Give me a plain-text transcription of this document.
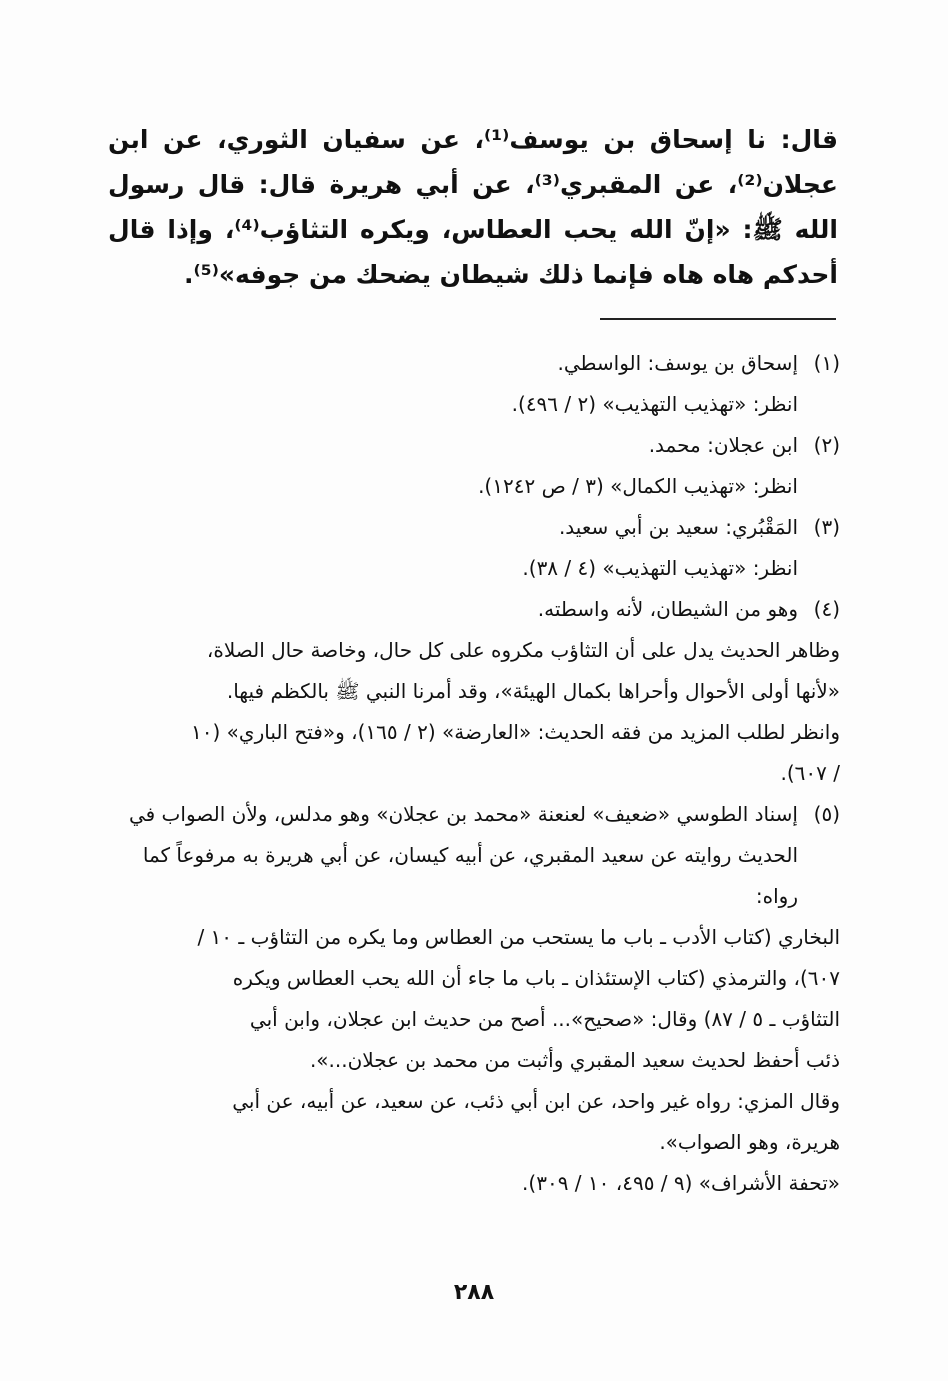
قال: نا إسحاق بن يوسف⁽¹⁾، عن سفيان الثوري، عن ابن عجلان⁽²⁾، عن المقبري⁽³⁾، عن أبي هريرة قال: قال رسول الله ﷺ: «إنّ الله يحب العطاس، ويكره التثاؤب⁽⁴⁾، وإذا قال أحدكم هاه هاه فإنما ذلك شيطان يضحك من جوفه»⁽⁵⁾.

(١)
إسحاق بن يوسف: الواسطي.

انظر: «تهذيب التهذيب» (٢ / ٤٩٦).

(٢)
ابن عجلان: محمد.

انظر: «تهذيب الكمال» (٣ / ص ١٢٤٢).

(٣)
المَقْبُري: سعيد بن أبي سعيد.

انظر: «تهذيب التهذيب» (٤ / ٣٨).

(٤)
وهو من الشيطان، لأنه واسطته.

وظاهر الحديث يدل على أن التثاؤب مكروه على كل حال، وخاصة حال الصلاة،

«لأنها أولى الأحوال وأحراها بكمال الهيئة»، وقد أمرنا النبي ﷺ بالكظم فيها.

وانظر لطلب المزيد من فقه الحديث: «العارضة» (٢ / ١٦٥)، و«فتح الباري» (١٠

/ ٦٠٧).

(٥)
إسناد الطوسي «ضعيف» لعنعنة «محمد بن عجلان» وهو مدلس، ولأن الصواب في

الحديث روايته عن سعيد المقبري، عن أبيه كيسان، عن أبي هريرة به مرفوعاً كما

رواه:

البخاري (كتاب الأدب ـ باب ما يستحب من العطاس وما يكره من التثاؤب ـ ١٠ /

٦٠٧)، والترمذي (كتاب الإستئذان ـ باب ما جاء أن الله يحب العطاس ويكره

التثاؤب ـ ٥ / ٨٧) وقال: «صحيح»... أصح من حديث ابن عجلان، وابن أبي

ذئب أحفظ لحديث سعيد المقبري وأثبت من محمد بن عجلان...».

وقال المزي: رواه غير واحد، عن ابن أبي ذئب، عن سعيد، عن أبيه، عن أبي

هريرة، وهو الصواب».

«تحفة الأشراف» (٩ / ٤٩٥، ١٠ / ٣٠٩).

٢٨٨
